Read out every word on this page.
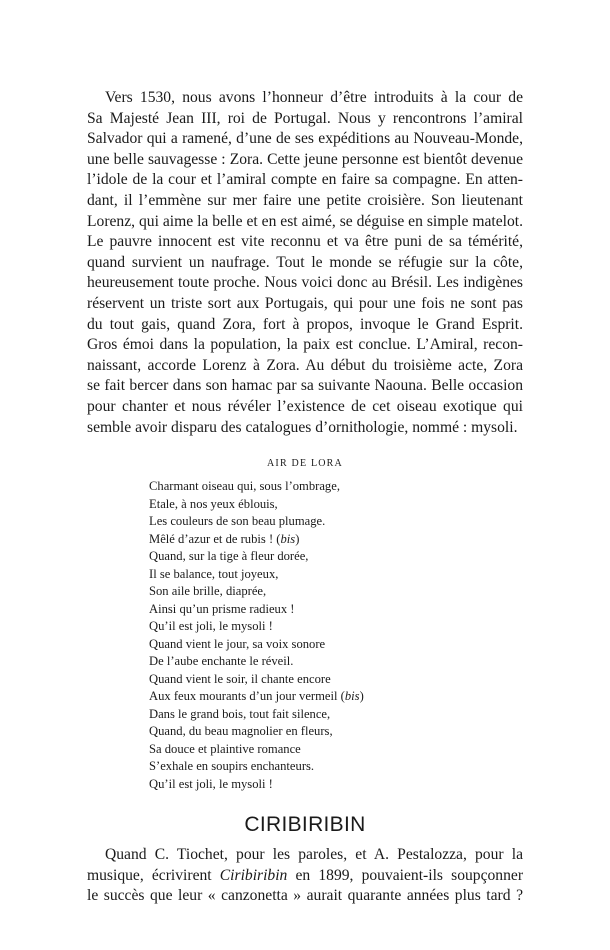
Vers 1530, nous avons l’honneur d’être introduits à la cour de
Sa Majesté Jean III, roi de Portugal. Nous y rencontrons l’amiral
Salvador qui a ramené, d’une de ses expéditions au Nouveau-Monde,
une belle sauvagesse : Zora. Cette jeune personne est bientôt devenue
l’idole de la cour et l’amiral compte en faire sa compagne. En atten-
dant, il l’emmène sur mer faire une petite croisière. Son lieutenant
Lorenz, qui aime la belle et en est aimé, se déguise en simple matelot.
Le pauvre innocent est vite reconnu et va être puni de sa témérité,
quand survient un naufrage. Tout le monde se réfugie sur la côte,
heureusement toute proche. Nous voici donc au Brésil. Les indigènes
réservent un triste sort aux Portugais, qui pour une fois ne sont pas
du tout gais, quand Zora, fort à propos, invoque le Grand Esprit.
Gros émoi dans la population, la paix est conclue. L’Amiral, recon-
naissant, accorde Lorenz à Zora. Au début du troisième acte, Zora
se fait bercer dans son hamac par sa suivante Naouna. Belle occasion
pour chanter et nous révéler l’existence de cet oiseau exotique qui
semble avoir disparu des catalogues d’ornithologie, nommé : mysoli.

AIR DE LORA
Charmant oiseau qui, sous l’ombrage,
Etale, à nos yeux éblouis,
Les couleurs de son beau plumage.
Mêlé d’azur et de rubis ! (bis)
Quand, sur la tige à fleur dorée,
Il se balance, tout joyeux,
Son aile brille, diaprée,
Ainsi qu’un prisme radieux !
Qu’il est joli, le mysoli !
Quand vient le jour, sa voix sonore
De l’aube enchante le réveil.
Quand vient le soir, il chante encore
Aux feux mourants d’un jour vermeil (bis)
Dans le grand bois, tout fait silence,
Quand, du beau magnolier en fleurs,
Sa douce et plaintive romance
S’exhale en soupirs enchanteurs.
Qu’il est joli, le mysoli !
CIRIBIRIBIN

Quand C. Tiochet, pour les paroles, et A. Pestalozza, pour la
musique, écrivirent Ciribiribin en 1899, pouvaient-ils soupçonner
le succès que leur « canzonetta » aurait quarante années plus tard ?
